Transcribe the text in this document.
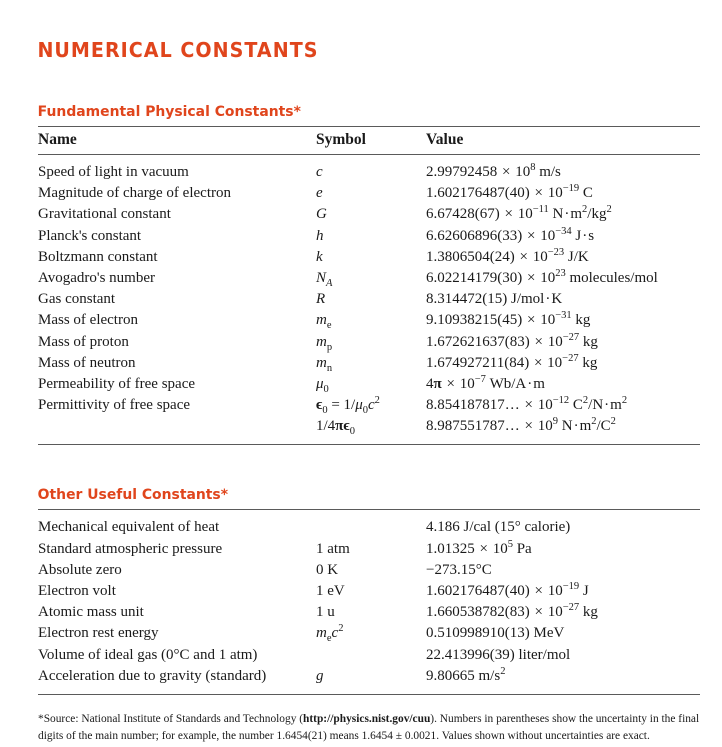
NUMERICAL CONSTANTS
Fundamental Physical Constants*
Name	Symbol	Value
Speed of light in vacuum	c	$2.99792458 \times 10^8$ m/s
Magnitude of charge of electron	e	$1.602176487(40) \times 10^{-19}$ C
Gravitational constant	G	$6.67428(67) \times 10^{-11}$ $N\cdot m^2/kg^2$
Planck's constant	h	$6.62606896(33) \times 10^{-34}$ J·s
Boltzmann constant	k	$1.3806504(24) \times 10^{-23}$ J/K
Avogadro's number	$N_A$	$6.02214179(30) \times 10^{23}$ molecules/mol
Gas constant	R	8.314472(15) J/mol·K
Mass of electron	$m_e$	$9.10938215(45) \times 10^{-31}$ kg
Mass of proton	$m_p$	$1.672621637(83) \times 10^{-27}$ kg
Mass of neutron	$m_n$	$1.674927211(84) \times 10^{-27}$ kg
Permeability of free space	$\mu_0$	$4\pi \times 10^{-7}$ Wb/A·m
Permittivity of free space	$\epsilon_0 = 1/\mu_0c^2$	8.854187817… × $10^{-12}$ $C^2/N\cdot m^2$
	$1/4\pi\epsilon_0$	8.987551787… × $10^9$ $N\cdot m^2/C^2$
Other Useful Constants*
Mechanical equivalent of heat		4.186 J/cal (15° calorie)
Standard atmospheric pressure	1 atm	$1.01325 \times 10^5$ Pa
Absolute zero	0 K	−273.15°C
Electron volt	1 eV	$1.602176487(40) \times 10^{-19}$ J
Atomic mass unit	1 u	$1.660538782(83) \times 10^{-27}$ kg
Electron rest energy	$m_ec^2$	0.510998910(13) MeV
Volume of ideal gas (0°C and 1 atm)		22.413996(39) liter/mol
Acceleration due to gravity (standard)	g	9.80665 $m/s^2$

*Source: National Institute of Standards and Technology (http://physics.nist.gov/cuu). Numbers in parentheses show the uncertainty in the final digits of the main number; for example, the number 1.6454(21) means 1.6454 ± 0.0021. Values shown without uncertainties are exact.
